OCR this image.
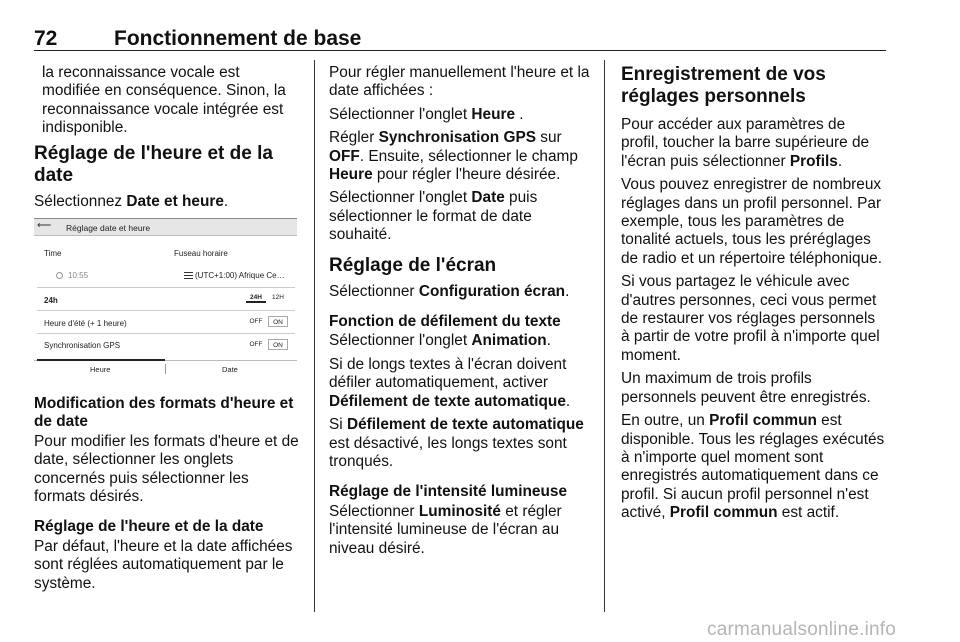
72	Fonctionnement de base

la reconnaissance vocale est modifiée en conséquence. Sinon, la reconnaissance vocale intégrée est indisponible.

Réglage de l'heure et de la date

Sélectionnez Date et heure.

⟵	Réglage date et heure
Time	Fuseau horaire
10:55	(UTC+1:00) Afrique Ce…
24h	24H	12H
Heure d'été (+ 1 heure)	OFF	ON
Synchronisation GPS	OFF	ON
Heure	Date
Modification des formats d'heure et de date

Pour modifier les formats d'heure et de date, sélectionner les onglets concernés puis sélectionner les formats désirés.

Réglage de l'heure et de la date

Par défaut, l'heure et la date affichées sont réglées automatiquement par le système.

Pour régler manuellement l'heure et la date affichées :

Sélectionner l'onglet Heure .

Régler Synchronisation GPS sur OFF. Ensuite, sélectionner le champ Heure pour régler l'heure désirée.

Sélectionner l'onglet Date puis sélectionner le format de date souhaité.

Réglage de l'écran

Sélectionner Configuration écran.

Fonction de défilement du texte

Sélectionner l'onglet Animation.

Si de longs textes à l'écran doivent défiler automatiquement, activer Défilement de texte automatique.

Si Défilement de texte automatique est désactivé, les longs textes sont tronqués.

Réglage de l'intensité lumineuse

Sélectionner Luminosité et régler l'intensité lumineuse de l'écran au niveau désiré.

Enregistrement de vos réglages personnels

Pour accéder aux paramètres de profil, toucher la barre supérieure de l'écran puis sélectionner Profils.

Vous pouvez enregistrer de nombreux réglages dans un profil personnel. Par exemple, tous les paramètres de tonalité actuels, tous les préréglages de radio et un répertoire téléphonique.

Si vous partagez le véhicule avec d'autres personnes, ceci vous permet de restaurer vos réglages personnels à partir de votre profil à n'importe quel moment.

Un maximum de trois profils personnels peuvent être enregistrés.

En outre, un Profil commun est disponible. Tous les réglages exécutés à n'importe quel moment sont enregistrés automatiquement dans ce profil. Si aucun profil personnel n'est activé, Profil commun est actif.

carmanualsonline.info
